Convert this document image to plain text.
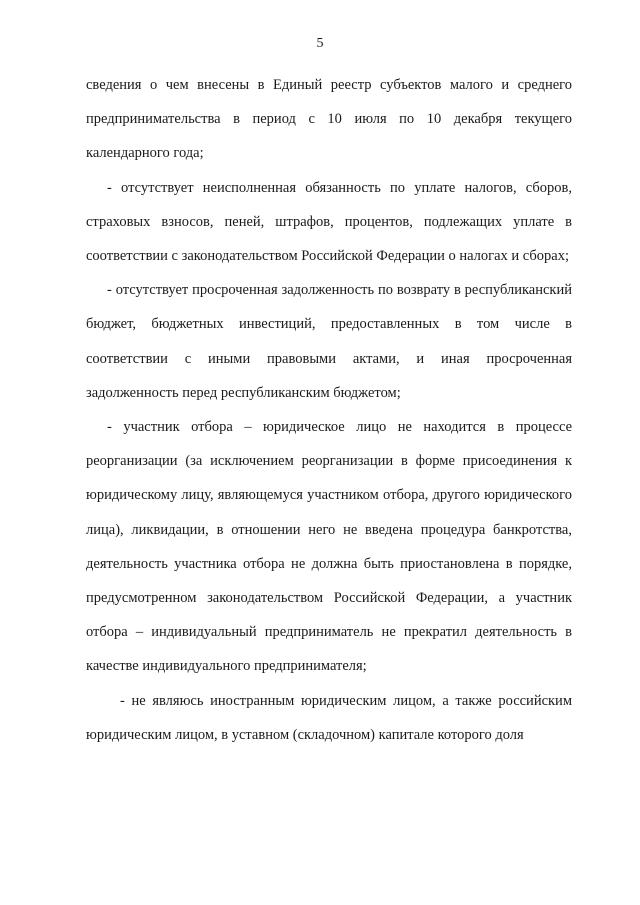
5

сведения о чем внесены в Единый реестр субъектов малого и среднего предпринимательства в период с 10 июля по 10 декабря текущего календарного года;

- отсутствует неисполненная обязанность по уплате налогов, сборов, страховых взносов, пеней, штрафов, процентов, подлежащих уплате в соответствии с законодательством Российской Федерации о налогах и сборах;

- отсутствует просроченная задолженность по возврату в республиканский бюджет, бюджетных инвестиций, предоставленных в том числе в соответствии с иными правовыми актами, и иная просроченная задолженность перед республиканским бюджетом;

- участник отбора – юридическое лицо не находится в процессе реорганизации (за исключением реорганизации в форме присоединения к юридическому лицу, являющемуся участником отбора, другого юридического лица), ликвидации, в отношении него не введена процедура банкротства, деятельность участника отбора не должна быть приостановлена в порядке, предусмотренном законодательством Российской Федерации, а участник отбора – индивидуальный предприниматель не прекратил деятельность в качестве индивидуального предпринимателя;

- не являюсь иностранным юридическим лицом, а также российским юридическим лицом, в уставном (складочном) капитале которого доля
